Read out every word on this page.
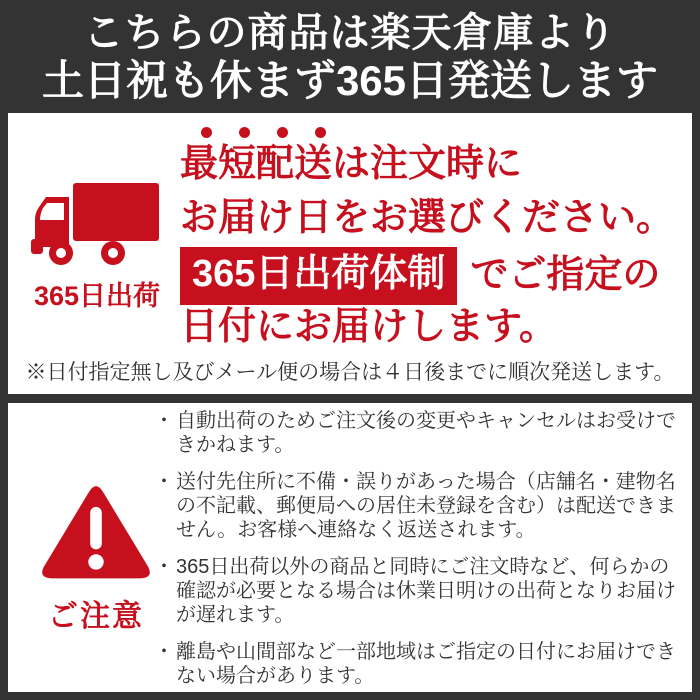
こちらの商品は楽天倉庫より
土日祝も休まず365日発送します
365日出荷
最短配送は注文時に
お届け日をお選びください。
365日出荷体制 でご指定の
日付にお届けします。
※日付指定無し及びメール便の場合は４日後までに順次発送します。
ご注意
・ 自動出荷のためご注文後の変更やキャンセルはお受けできかねます。
・ 送付先住所に不備・誤りがあった場合（店舗名・建物名の不記載、郵便局への居住未登録を含む）は配送できません。お客様へ連絡なく返送されます。
・ 365日出荷以外の商品と同時にご注文時など、何らかの確認が必要となる場合は休業日明けの出荷となりお届けが遅れます。
・ 離島や山間部など一部地域はご指定の日付にお届けできない場合があります。
